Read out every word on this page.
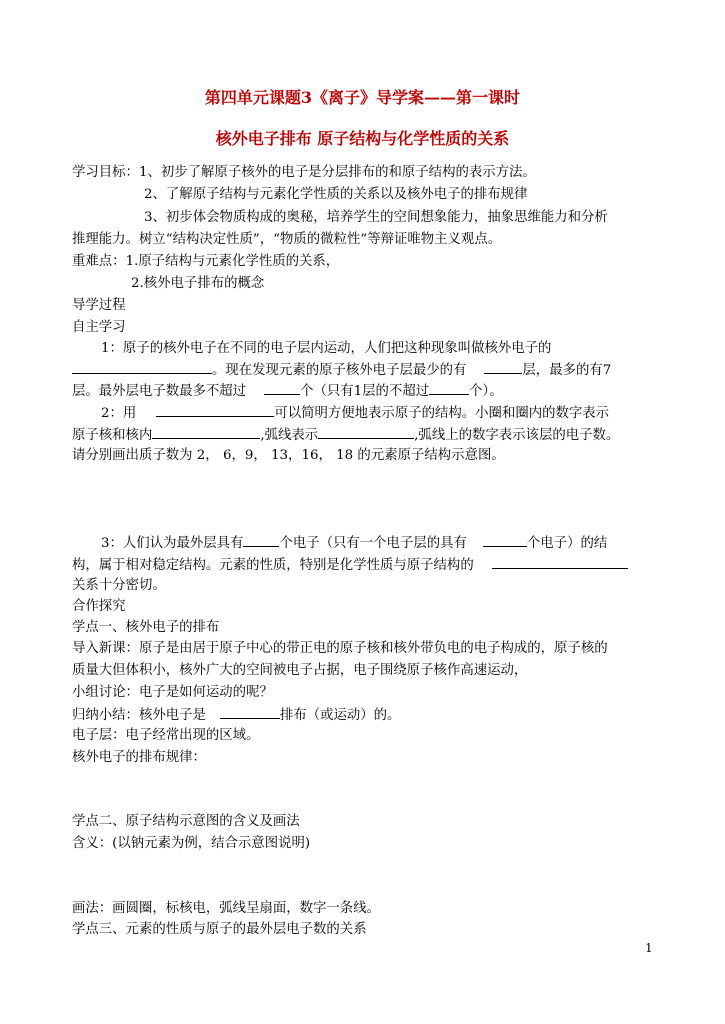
第四单元课题3《离子》导学案——第一课时
核外电子排布 原子结构与化学性质的关系
学习目标：1、初步了解原子核外的电子是分层排布的和原子结构的表示方法。
2、了解原子结构与元素化学性质的关系以及核外电子的排布规律
3、初步体会物质构成的奥秘，培养学生的空间想象能力，抽象思维能力和分析
推理能力。树立“结构决定性质”，“物质的微粒性”等辩证唯物主义观点。
重难点：1.原子结构与元素化学性质的关系，
2.核外电子排布的概念
导学过程
自主学习
1：原子的核外电子在不同的电子层内运动，人们把这种现象叫做核外电子的
。现在发现元素的原子核外电子层最少的有	层，最多的有7
层。最外层电子数最多不超过	个（只有1层的不超过	个）。
2：用	可以简明方便地表示原子的结构。小圈和圈内的数字表示
原子核和核内	,弧线表示	,弧线上的数字表示该层的电子数。
请分别画出质子数为 2， 6，9， 13，16， 18 的元素原子结构示意图。
3：人们认为最外层具有	个电子（只有一个电子层的具有	个电子）的结
构，属于相对稳定结构。元素的性质，特别是化学性质与原子结构的
关系十分密切。
合作探究
学点一、核外电子的排布
导入新课：原子是由居于原子中心的带正电的原子核和核外带负电的电子构成的，原子核的
质量大但体积小，核外广大的空间被电子占据，电子围绕原子核作高速运动，
小组讨论：电子是如何运动的呢？
归纳小结：核外电子是	排布（或运动）的。
电子层：电子经常出现的区域。
核外电子的排布规律：
学点二、原子结构示意图的含义及画法
含义：(以钠元素为例，结合示意图说明)
画法：画圆圈，标核电，弧线呈扇面，数字一条线。
学点三、元素的性质与原子的最外层电子数的关系
1
